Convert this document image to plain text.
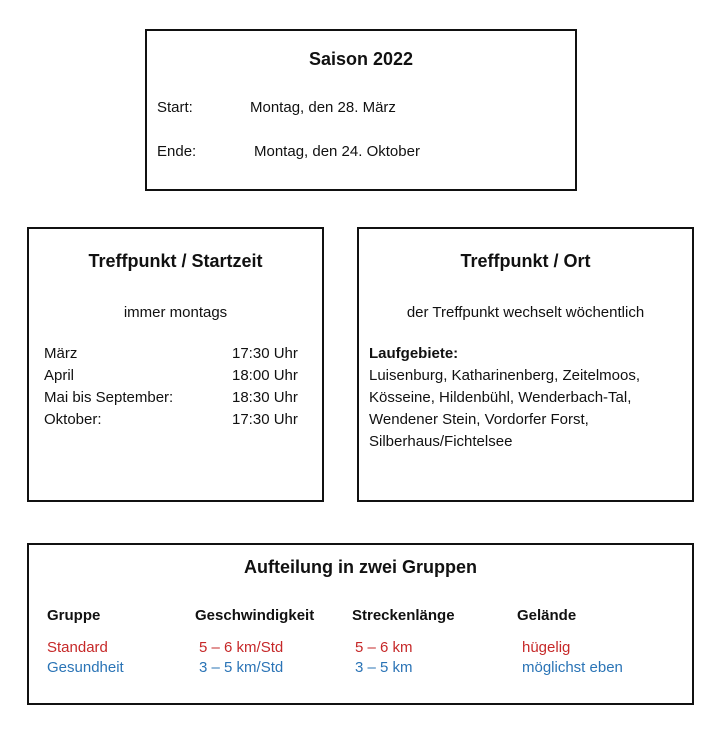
Saison 2022
Start:	Montag, den 28. März
Ende:	Montag, den 24. Oktober
Treffpunkt / Startzeit
immer montags
März	17:30 Uhr
April	18:00 Uhr
Mai bis September:	18:30 Uhr
Oktober:	17:30 Uhr
Treffpunkt / Ort
der Treffpunkt wechselt wöchentlich
Laufgebiete:
Luisenburg, Katharinenberg, Zeitelmoos,
Kösseine, Hildenbühl, Wenderbach-Tal,
Wendener Stein, Vordorfer Forst,
Silberhaus/Fichtelsee
Aufteilung in zwei Gruppen
Gruppe	Geschwindigkeit	Streckenlänge	Gelände
Standard	5 – 6 km/Std	5 – 6 km	hügelig
Gesundheit	3 – 5 km/Std	3 – 5 km	möglichst eben
